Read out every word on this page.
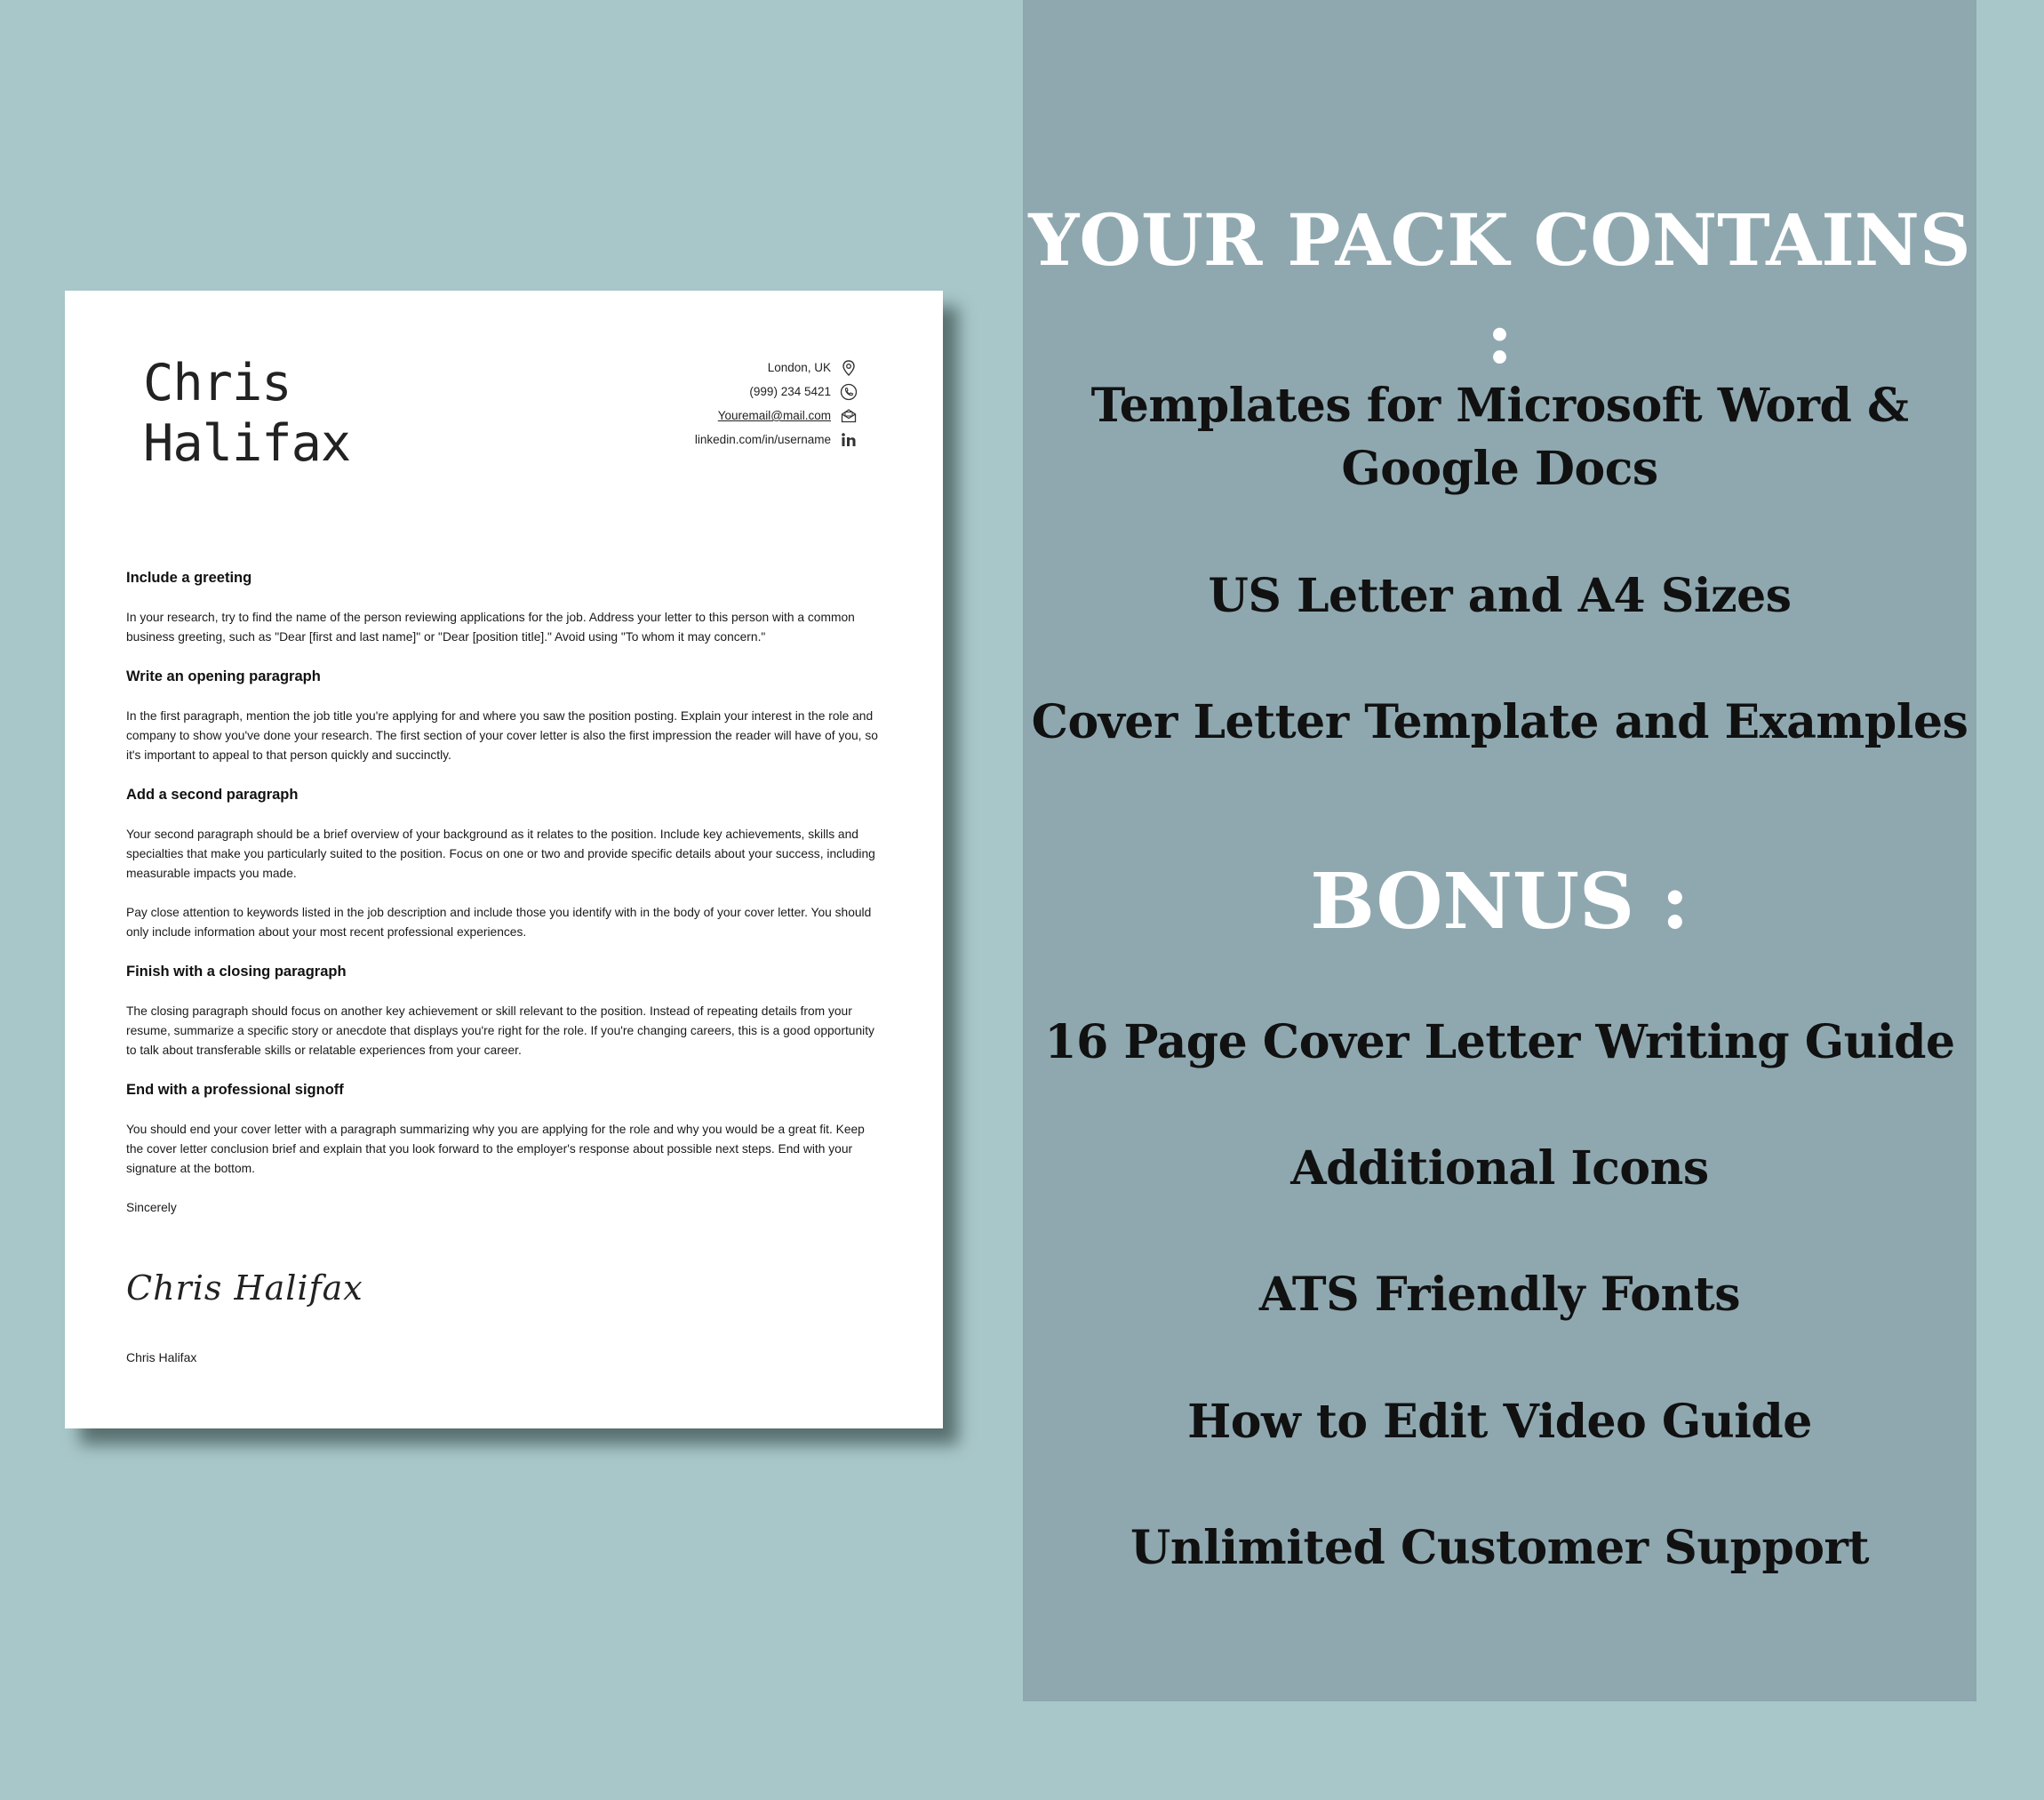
Chris
Halifax
London, UK
(999) 234 5421
Youremail@mail.com
linkedin.com/in/username
Include a greeting

In your research, try to find the name of the person reviewing applications for the job. Address your letter to this person with a common business greeting, such as "Dear [first and last name]" or "Dear [position title]." Avoid using "To whom it may concern."

Write an opening paragraph

In the first paragraph, mention the job title you're applying for and where you saw the position posting. Explain your interest in the role and company to show you've done your research. The first section of your cover letter is also the first impression the reader will have of you, so it's important to appeal to that person quickly and succinctly.

Add a second paragraph

Your second paragraph should be a brief overview of your background as it relates to the position. Include key achievements, skills and specialties that make you particularly suited to the position. Focus on one or two and provide specific details about your success, including measurable impacts you made.

Pay close attention to keywords listed in the job description and include those you identify with in the body of your cover letter. You should only include information about your most recent professional experiences.

Finish with a closing paragraph

The closing paragraph should focus on another key achievement or skill relevant to the position. Instead of repeating details from your resume, summarize a specific story or anecdote that displays you're right for the role. If you're changing careers, this is a good opportunity to talk about transferable skills or relatable experiences from your career.

End with a professional signoff

You should end your cover letter with a paragraph summarizing why you are applying for the role and why you would be a great fit. Keep the cover letter conclusion brief and explain that you look forward to the employer's response about possible next steps. End with your signature at the bottom.

Sincerely

Chris Halifax
Chris Halifax
YOUR PACK CONTAINS :
Templates for Microsoft Word &
Google Docs
US Letter and A4 Sizes
Cover Letter Template and Examples
BONUS :
16 Page Cover Letter Writing Guide
Additional Icons
ATS Friendly Fonts
How to Edit Video Guide
Unlimited Customer Support
